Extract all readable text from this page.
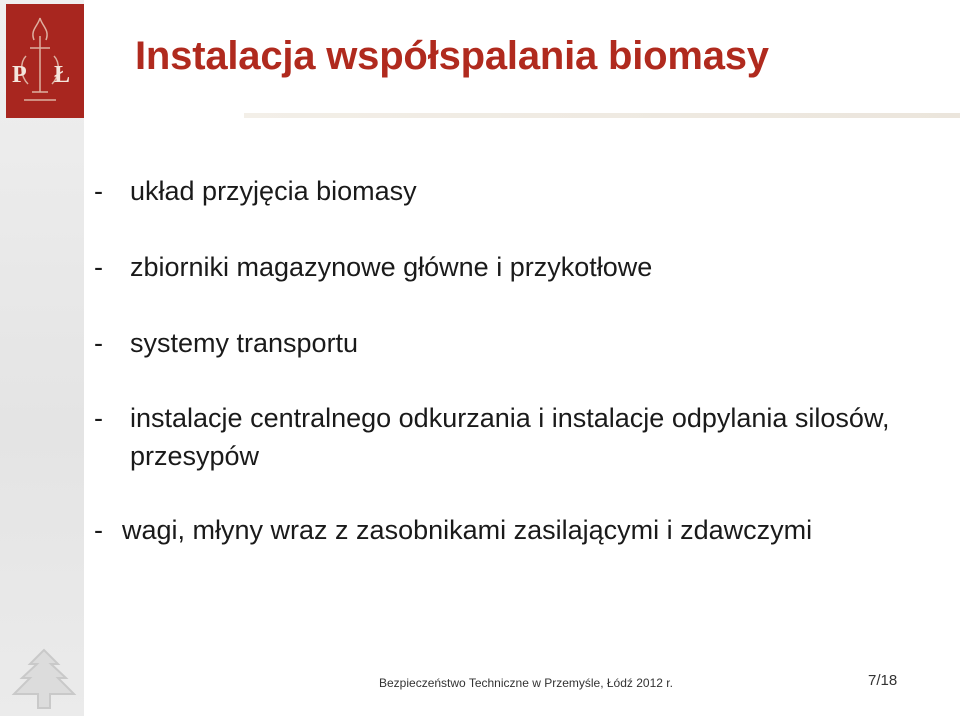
P Ł Instalacja współspalania biomasy
- układ przyjęcia biomasy
- zbiorniki magazynowe główne i przykotłowe
- systemy transportu
- instalacje centralnego odkurzania i instalacje odpylania silosów, przesypów
- wagi, młyny wraz z zasobnikami zasilającymi i zdawczymi
Bezpieczeństwo Techniczne w Przemyśle, Łódź 2012 r.	7/18
